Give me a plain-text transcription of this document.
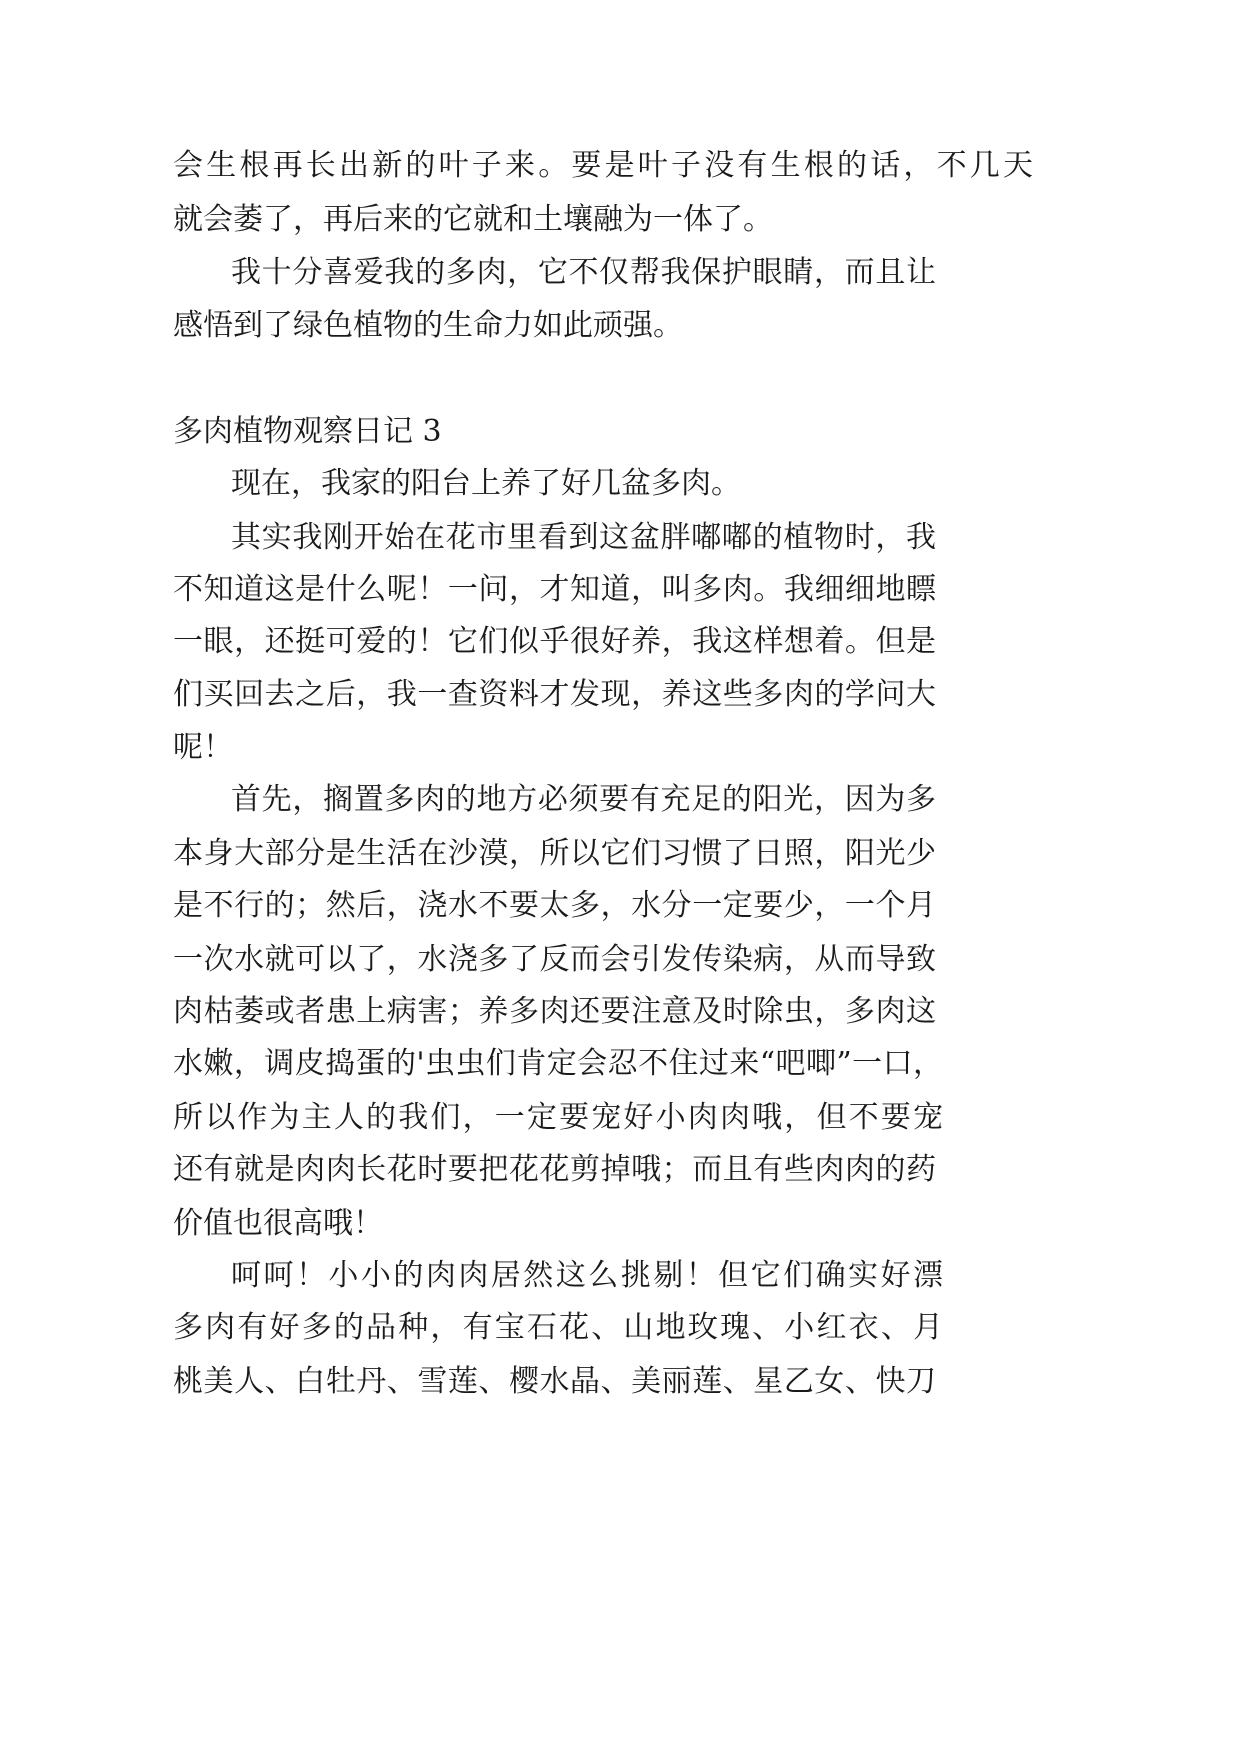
会生根再长出新的叶子来。要是叶子没有生根的话，不几天
就会萎了，再后来的它就和土壤融为一体了。
我十分喜爱我的多肉，它不仅帮我保护眼睛，而且让
感悟到了绿色植物的生命力如此顽强。
多肉植物观察日记 3
现在，我家的阳台上养了好几盆多肉。
其实我刚开始在花市里看到这盆胖嘟嘟的植物时，我
不知道这是什么呢！一问，才知道，叫多肉。我细细地瞟
一眼，还挺可爱的！它们似乎很好养，我这样想着。但是
们买回去之后，我一查资料才发现，养这些多肉的学问大
呢！
首先，搁置多肉的地方必须要有充足的阳光，因为多
本身大部分是生活在沙漠，所以它们习惯了日照，阳光少
是不行的；然后，浇水不要太多，水分一定要少，一个月
一次水就可以了，水浇多了反而会引发传染病，从而导致
肉枯萎或者患上病害；养多肉还要注意及时除虫，多肉这
水嫩，调皮捣蛋的'虫虫们肯定会忍不住过来“吧唧”一口，
所以作为主人的我们，一定要宠好小肉肉哦，但不要宠
还有就是肉肉长花时要把花花剪掉哦；而且有些肉肉的药
价值也很高哦！
呵呵！小小的肉肉居然这么挑剔！但它们确实好漂
多肉有好多的品种，有宝石花、山地玫瑰、小红衣、月
桃美人、白牡丹、雪莲、樱水晶、美丽莲、星乙女、快刀
